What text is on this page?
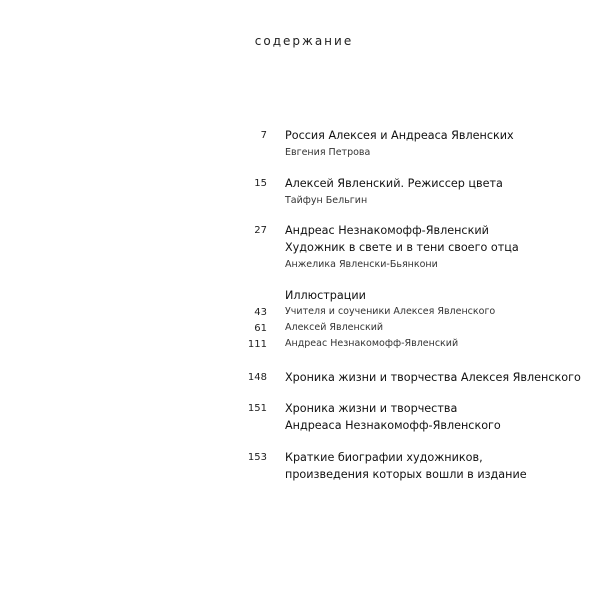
содержание
7 Россия Алексея и Андреаса Явленских
Евгения Петрова
15 Алексей Явленский. Режиссер цвета
Тайфун Бельгин
27 Андреас Незнакомофф-Явленский
Художник в свете и в тени своего отца
Анжелика Явленски-Бьянкони
Иллюстрации
43 Учителя и соученики Алексея Явленского
61 Алексей Явленский
111 Андреас Незнакомофф-Явленский
148 Хроника жизни и творчества Алексея Явленского
151 Хроника жизни и творчества
Андреаса Незнакомофф-Явленского
153 Краткие биографии художников,
произведения которых вошли в издание
